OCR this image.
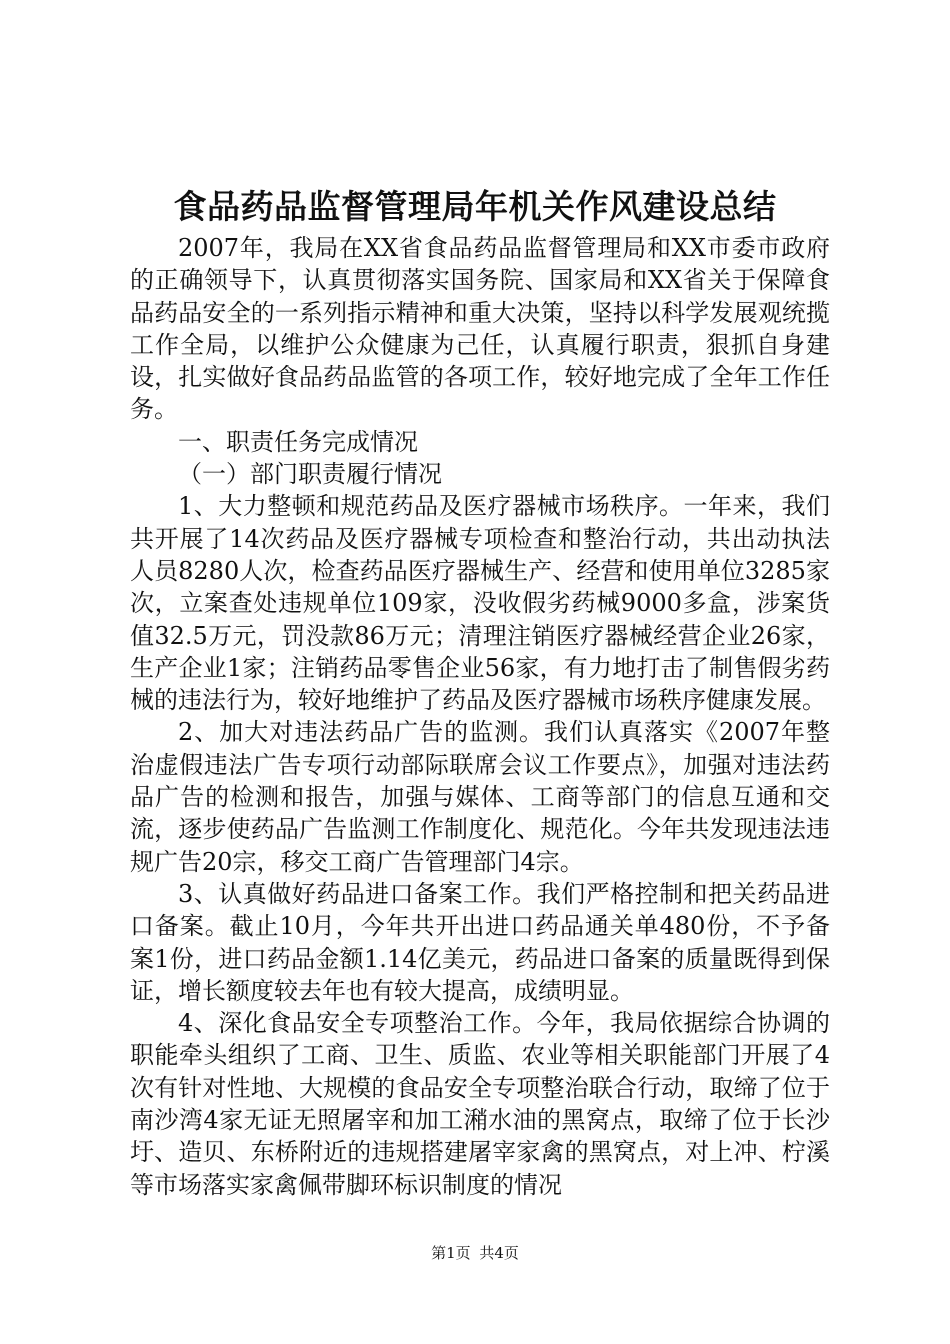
食品药品监督管理局年机关作风建设总结

2007年，我局在XX省食品药品监督管理局和XX市委市政府的正确领导下，认真贯彻落实国务院、国家局和XX省关于保障食品药品安全的一系列指示精神和重大决策，坚持以科学发展观统揽工作全局，以维护公众健康为己任，认真履行职责，狠抓自身建设，扎实做好食品药品监管的各项工作，较好地完成了全年工作任务。

一、职责任务完成情况

（一）部门职责履行情况

1、大力整顿和规范药品及医疗器械市场秩序。一年来，我们共开展了14次药品及医疗器械专项检查和整治行动，共出动执法人员8280人次，检查药品医疗器械生产、经营和使用单位3285家次，立案查处违规单位109家，没收假劣药械9000多盒，涉案货值32.5万元，罚没款86万元；清理注销医疗器械经营企业26家，生产企业1家；注销药品零售企业56家，有力地打击了制售假劣药械的违法行为，较好地维护了药品及医疗器械市场秩序健康发展。

2、加大对违法药品广告的监测。我们认真落实《2007年整治虚假违法广告专项行动部际联席会议工作要点》，加强对违法药品广告的检测和报告，加强与媒体、工商等部门的信息互通和交流，逐步使药品广告监测工作制度化、规范化。今年共发现违法违规广告20宗，移交工商广告管理部门4宗。

3、认真做好药品进口备案工作。我们严格控制和把关药品进口备案。截止10月，今年共开出进口药品通关单480份，不予备案1份，进口药品金额1.14亿美元，药品进口备案的质量既得到保证，增长额度较去年也有较大提高，成绩明显。

4、深化食品安全专项整治工作。今年，我局依据综合协调的职能牵头组织了工商、卫生、质监、农业等相关职能部门开展了4次有针对性地、大规模的食品安全专项整治联合行动，取缔了位于南沙湾4家无证无照屠宰和加工潲水油的黑窝点，取缔了位于长沙圩、造贝、东桥附近的违规搭建屠宰家禽的黑窝点，对上冲、柠溪等市场落实家禽佩带脚环标识制度的情况

第1页 共4页
